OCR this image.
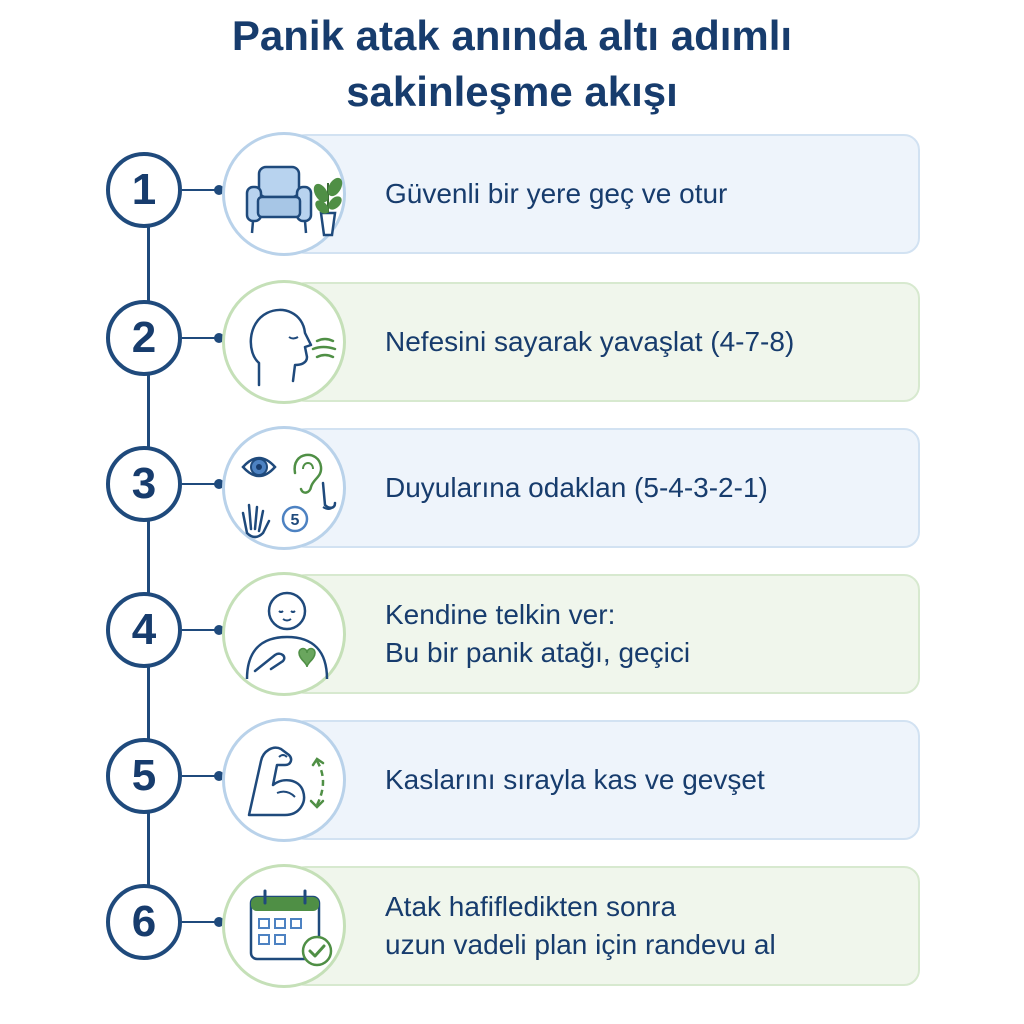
Panik atak anında altı adımlı
sakinleşme akışı
1	Güvenli bir yere geç ve otur
2	Nefesini sayarak yavaşlat (4-7-8)
3
5
Duyularına odaklan (5-4-3-2-1)
4	Kendine telkin ver:
Bu bir panik atağı, geçici
5	Kaslarını sırayla kas ve gevşet
6	Atak hafifledikten sonra
uzun vadeli plan için randevu al
